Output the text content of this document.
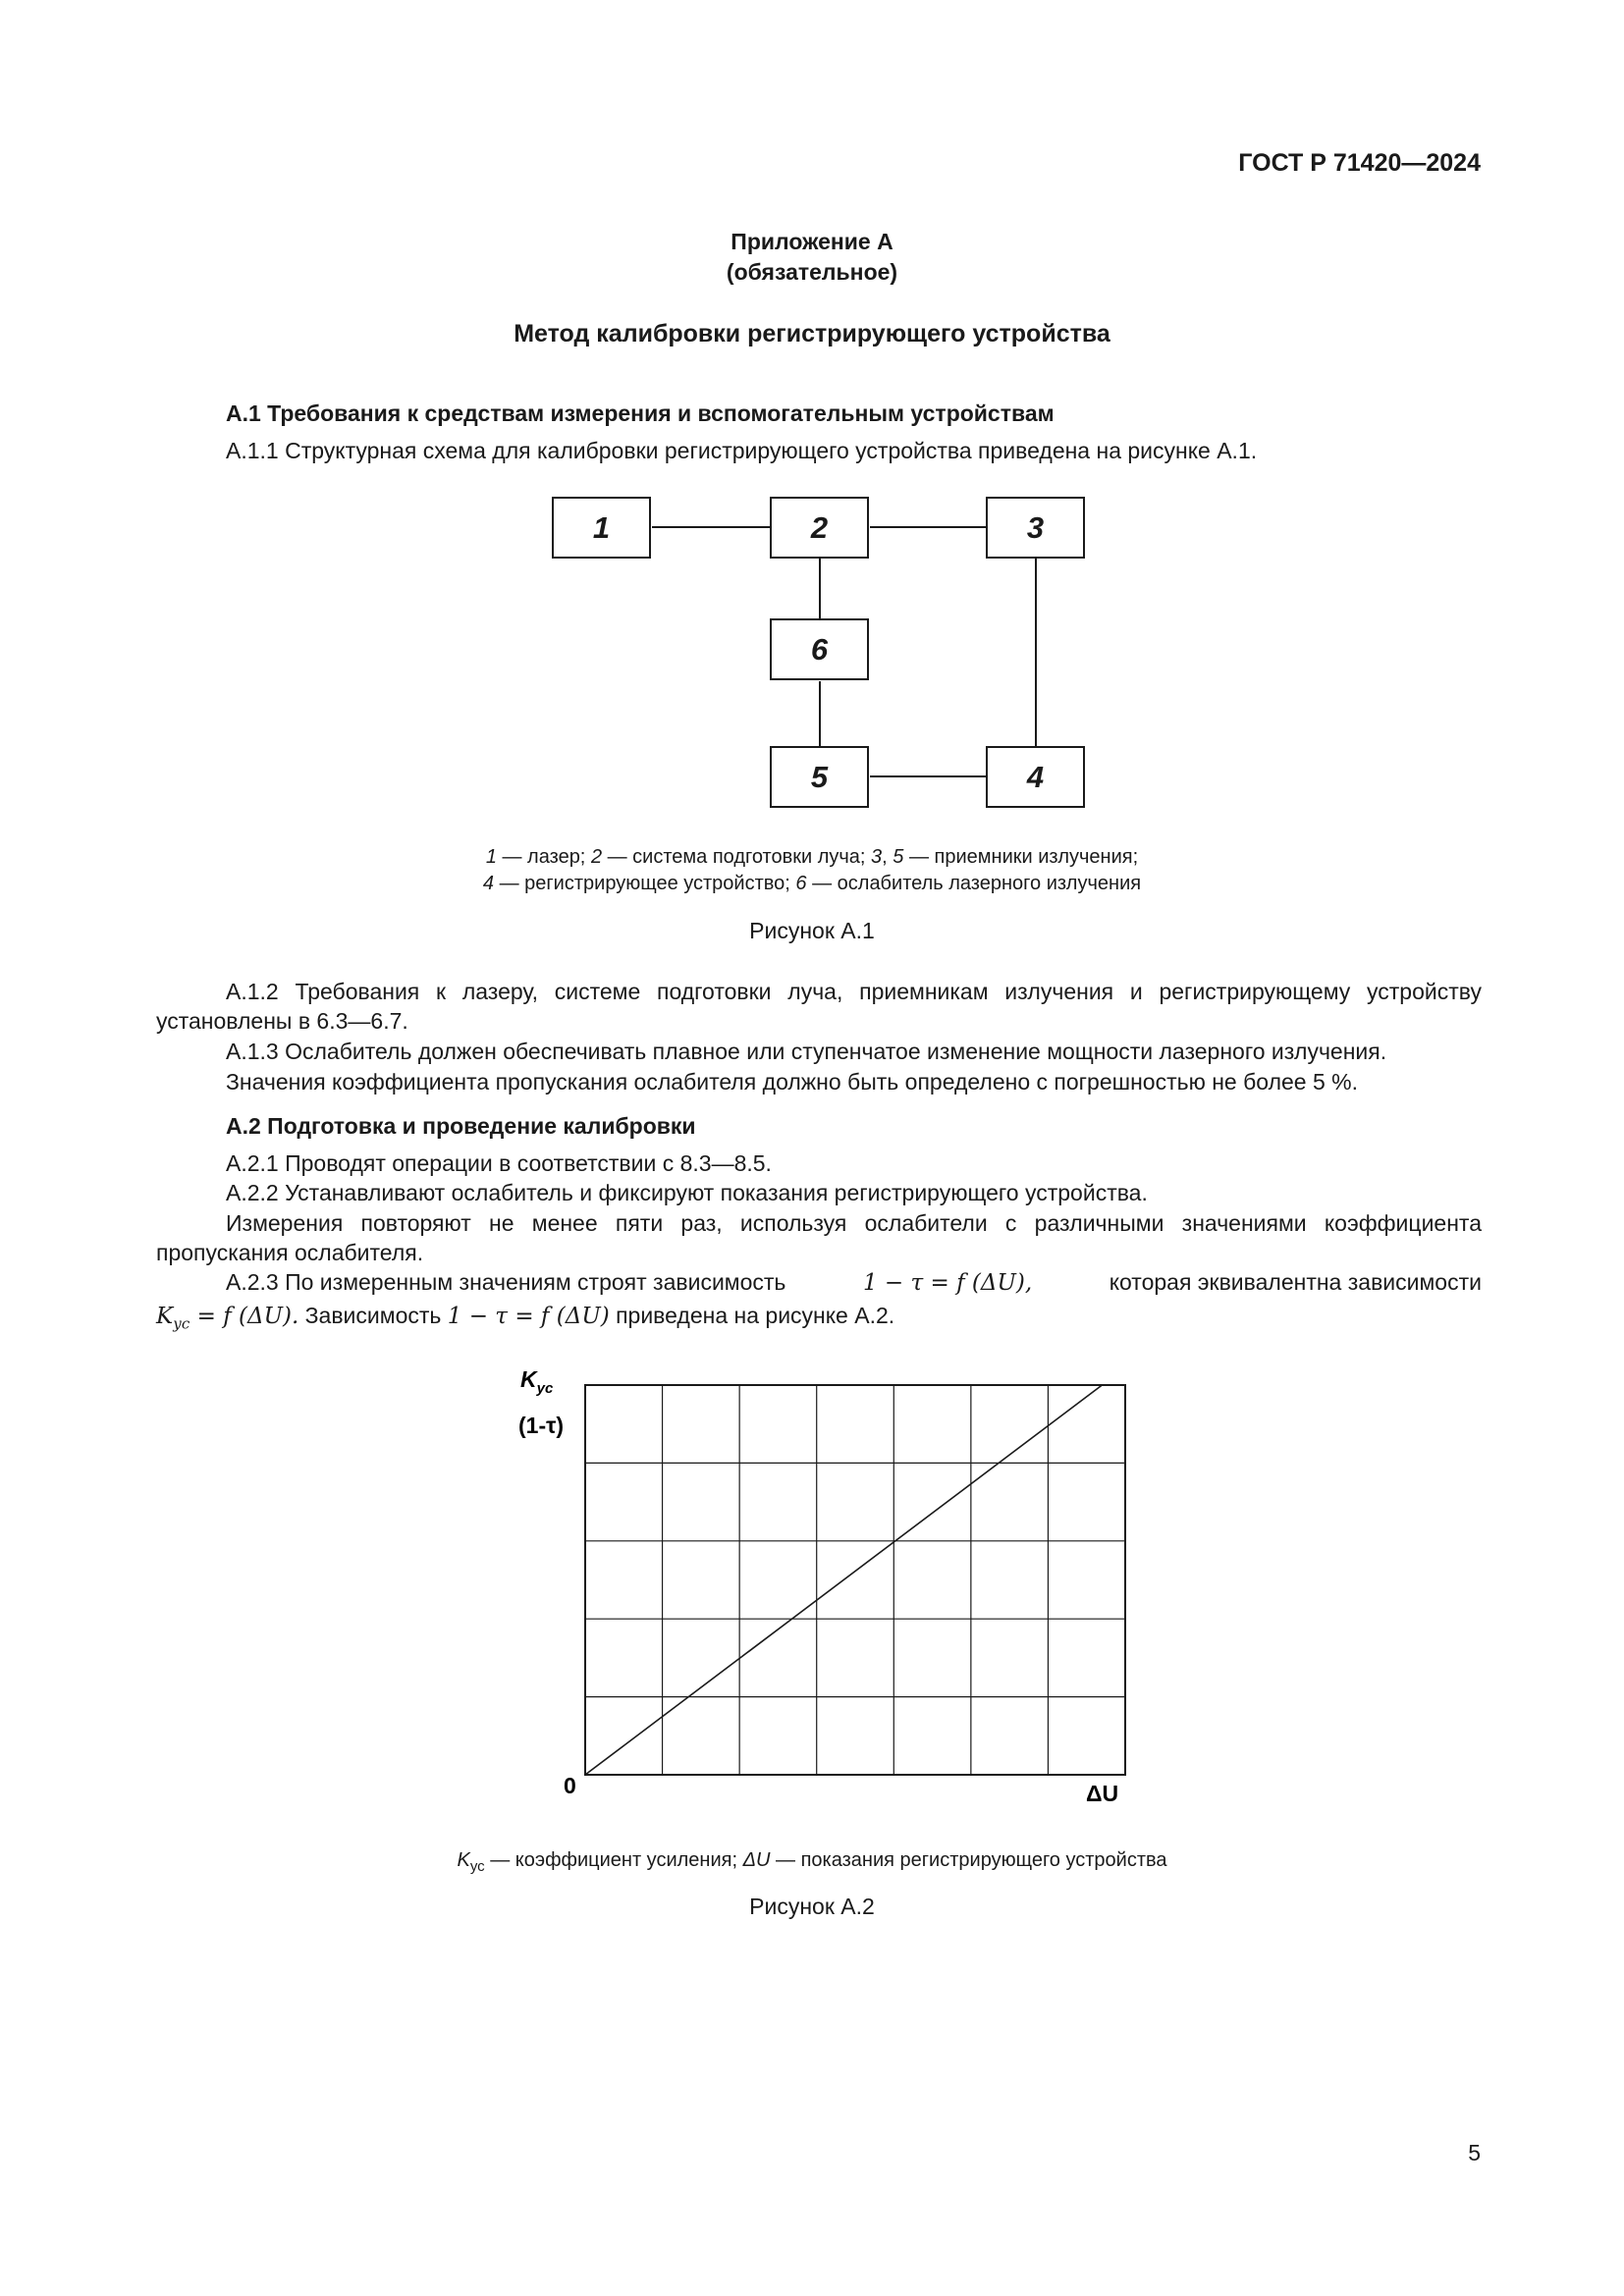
ГОСТ Р 71420—2024
Приложение А
(обязательное)
Метод калибровки регистрирующего устройства
А.1 Требования к средствам измерения и вспомогательным устройствам
А.1.1 Структурная схема для калибровки регистрирующего устройства приведена на рисунке А.1.
1	2	3
6
5	4
1 — лазер; 2 — система подготовки луча; 3, 5 — приемники излучения;
4 — регистрирующее устройство; 6 — ослабитель лазерного излучения
Рисунок А.1
А.1.2 Требования к лазеру, системе подготовки луча, приемникам излучения и регистрирующему устройству
установлены в 6.3—6.7.
А.1.3 Ослабитель должен обеспечивать плавное или ступенчатое изменение мощности лазерного излучения.
Значения коэффициента пропускания ослабителя должно быть определено с погрешностью не более 5 %.
А.2 Подготовка и проведение калибровки
А.2.1 Проводят операции в соответствии с 8.3—8.5.
А.2.2 Устанавливают ослабитель и фиксируют показания регистрирующего устройства.
Измерения повторяют не менее пяти раз, используя ослабители с различными значениями коэффициента
пропускания ослабителя.
А.2.3 По измеренным значениям строят зависимость	1 − τ = f (ΔU),	которая эквивалентна зависимости
$K_{ус} = f$ (ΔU). Зависимость 1 − τ = f (ΔU) приведена на рисунке А.2.
$K_{ус}$
(1-τ)
0	ΔU
$K_{ус}$ — коэффициент усиления; ΔU — показания регистрирующего устройства
Рисунок А.2
5
